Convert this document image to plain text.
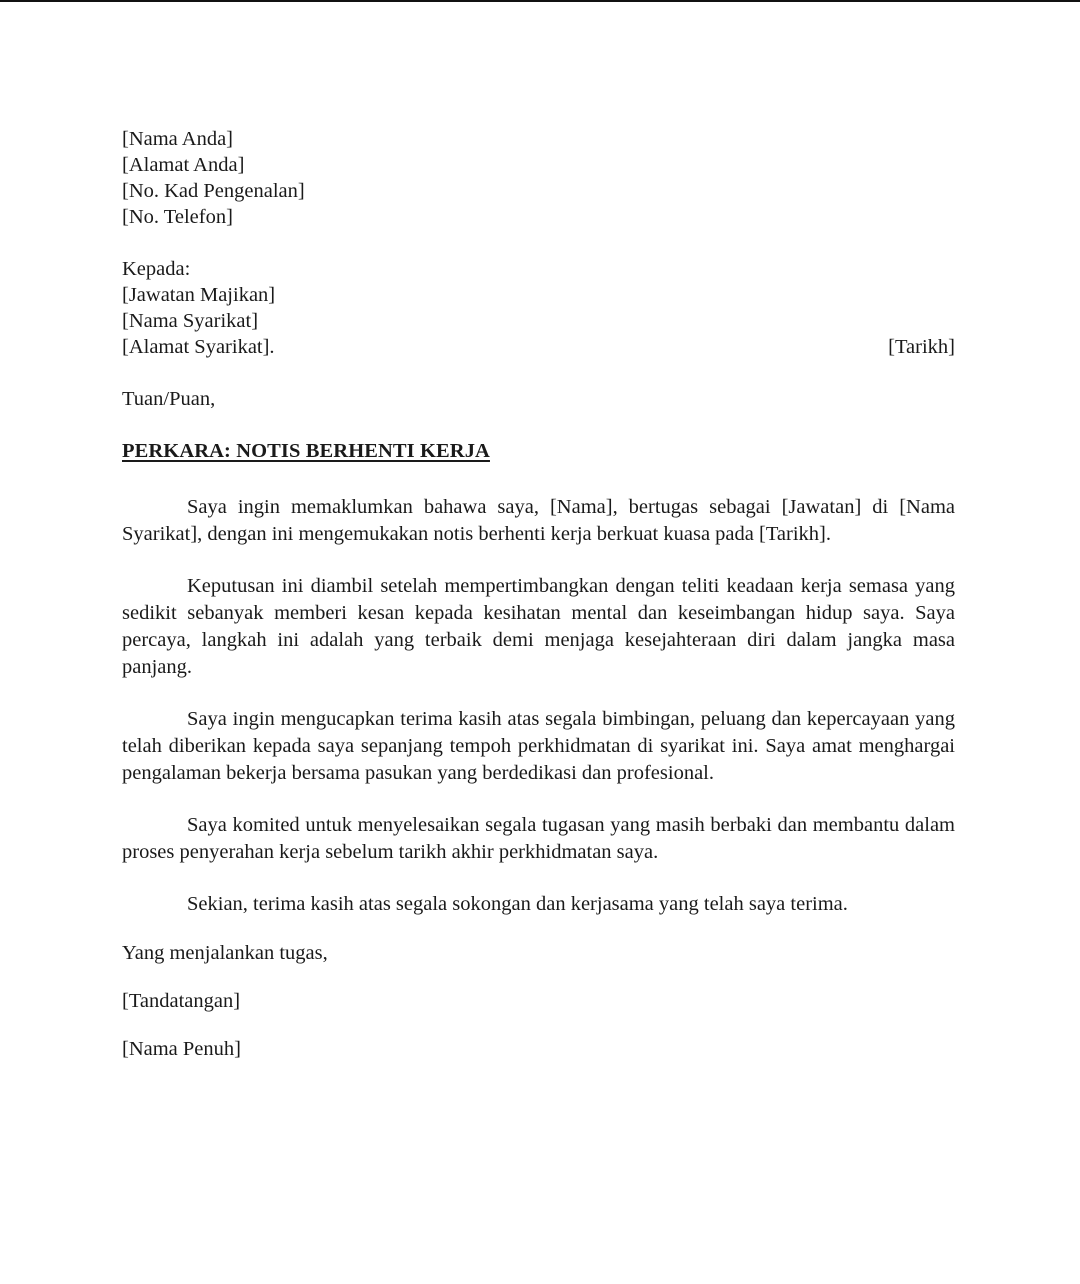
[Nama Anda]
[Alamat Anda]
[No. Kad Pengenalan]
[No. Telefon]
Kepada:
[Jawatan Majikan]
[Nama Syarikat]
[Alamat Syarikat].	[Tarikh]
Tuan/Puan,
PERKARA: NOTIS BERHENTI KERJA

Saya ingin memaklumkan bahawa saya, [Nama], bertugas sebagai [Jawatan] di [Nama Syarikat], dengan ini mengemukakan notis berhenti kerja berkuat kuasa pada [Tarikh].

Keputusan ini diambil setelah mempertimbangkan dengan teliti keadaan kerja semasa yang sedikit sebanyak memberi kesan kepada kesihatan mental dan keseimbangan hidup saya. Saya percaya, langkah ini adalah yang terbaik demi menjaga kesejahteraan diri dalam jangka masa panjang.

Saya ingin mengucapkan terima kasih atas segala bimbingan, peluang dan kepercayaan yang telah diberikan kepada saya sepanjang tempoh perkhidmatan di syarikat ini. Saya amat menghargai pengalaman bekerja bersama pasukan yang berdedikasi dan profesional.

Saya komited untuk menyelesaikan segala tugasan yang masih berbaki dan membantu dalam proses penyerahan kerja sebelum tarikh akhir perkhidmatan saya.

Sekian, terima kasih atas segala sokongan dan kerjasama yang telah saya terima.

Yang menjalankan tugas,
[Tandatangan]
[Nama Penuh]
